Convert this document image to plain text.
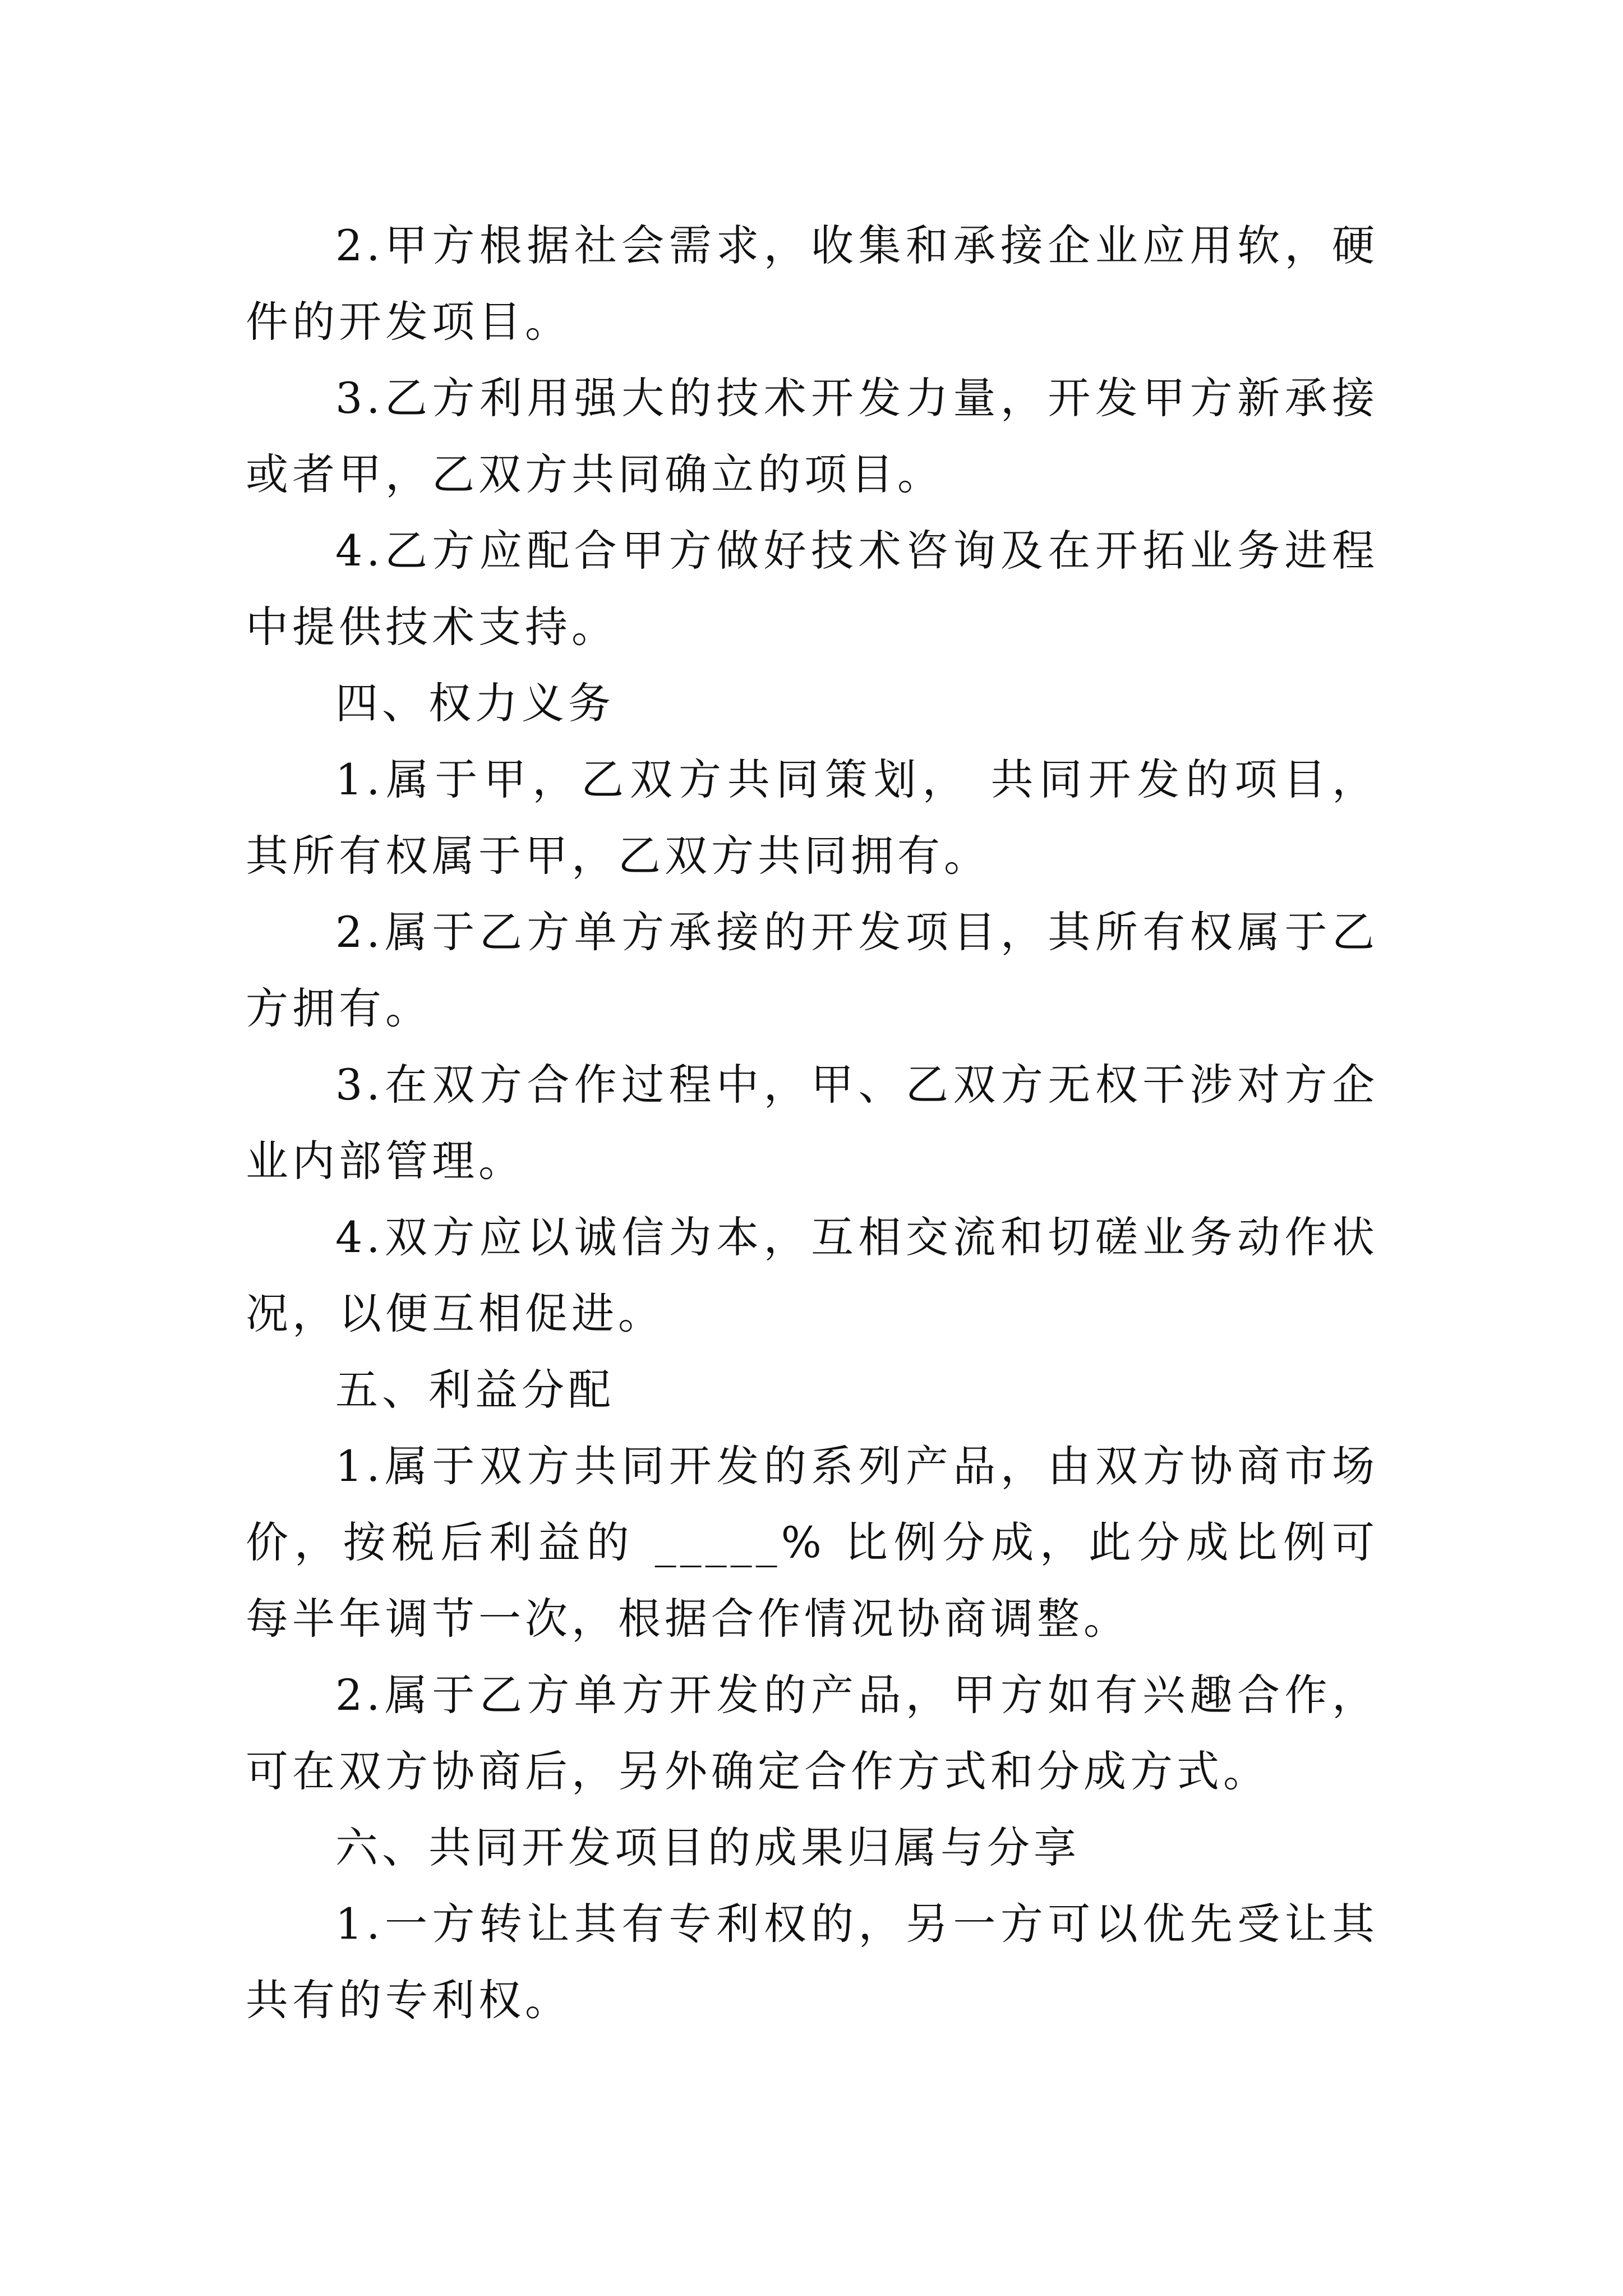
2.甲方根据社会需求，收集和承接企业应用软，硬件的开发项目。

3.乙方利用强大的技术开发力量，开发甲方新承接或者甲，乙双方共同确立的项目。

4.乙方应配合甲方做好技术咨询及在开拓业务进程中提供技术支持。

四、权力义务

1.属于甲，乙双方共同策划， 共同开发的项目，其所有权属于甲，乙双方共同拥有。

2.属于乙方单方承接的开发项目，其所有权属于乙方拥有。

3.在双方合作过程中，甲、乙双方无权干涉对方企业内部管理。

4.双方应以诚信为本，互相交流和切磋业务动作状况，以便互相促进。

五、利益分配

1.属于双方共同开发的系列产品，由双方协商市场价，按税后利益的 _____% 比例分成，此分成比例可每半年调节一次，根据合作情况协商调整。

2.属于乙方单方开发的产品，甲方如有兴趣合作，可在双方协商后，另外确定合作方式和分成方式。

六、共同开发项目的成果归属与分享

1.一方转让其有专利权的，另一方可以优先受让其共有的专利权。
